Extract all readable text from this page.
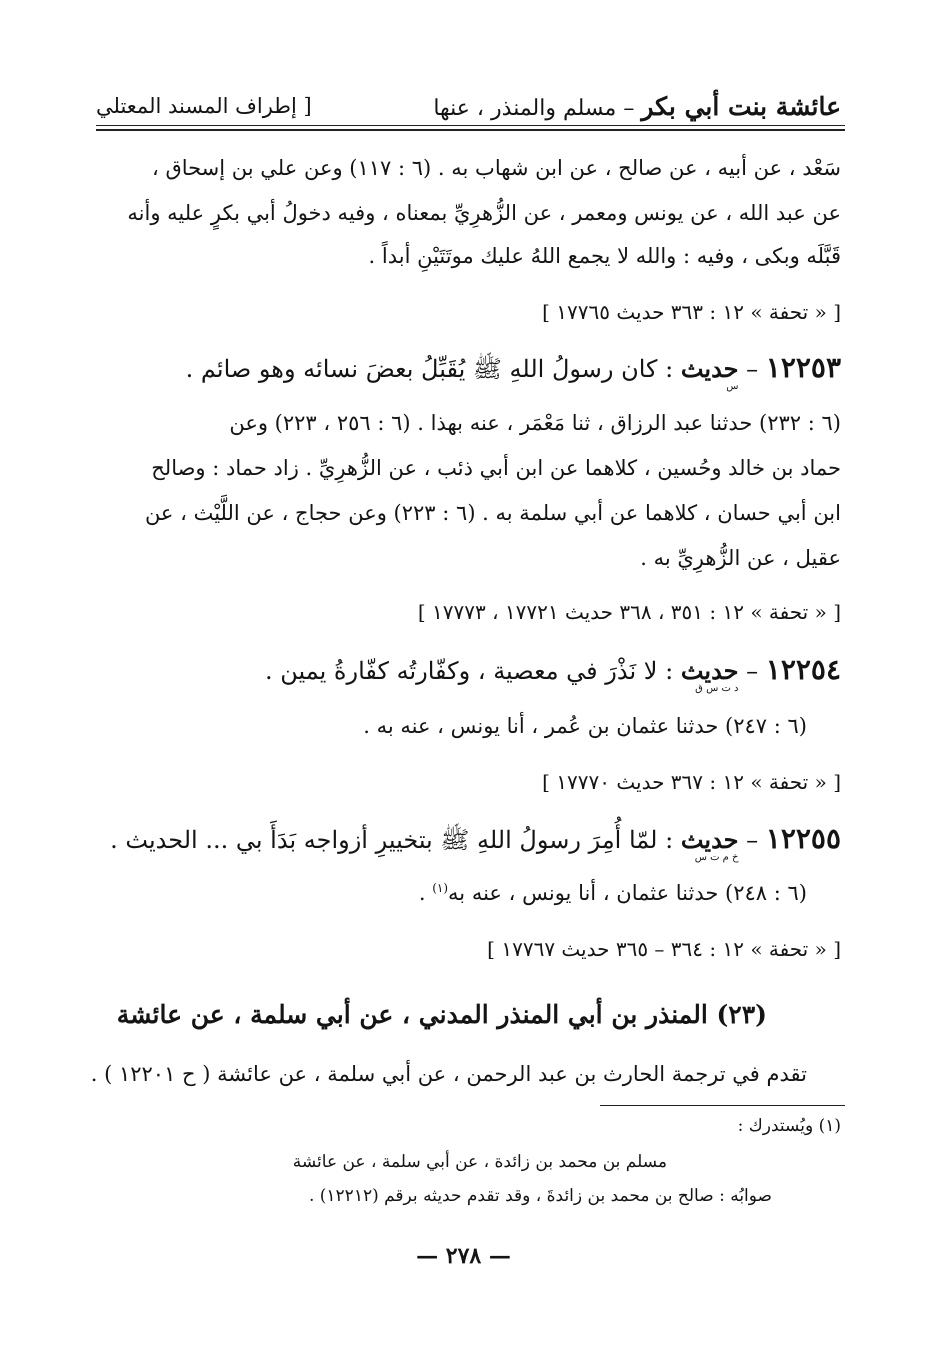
عائشة بنت أبي بكر – مسلم والمنذر ، عنها
[ إطراف المسند المعتلي
سَعْد ، عن أبيه ، عن صالح ، عن ابن شهاب به . (٦ : ١١٧) وعن علي بن إسحاق ،
عن عبد الله ، عن يونس ومعمر ، عن الزُّهرِيِّ بمعناه ، وفيه دخولُ أبي بكرٍ عليه وأنه
قَبَّلَه وبكى ، وفيه : والله لا يجمع اللهُ عليك موتَتَيْنِ أبداً .
[ « تحفة » ١٢ : ٣٦٣ حديث ١٧٧٦٥ ]
١٢٢٥٣ – حديث
س
: كان رسولُ اللهِ ﷺ يُقَبِّلُ بعضَ نسائه وهو صائم .
(٦ : ٢٣٢) حدثنا عبد الرزاق ، ثنا مَعْمَر ، عنه بهذا . (٦ : ٢٥٦ ، ٢٢٣) وعن
حماد بن خالد وحُسين ، كلاهما عن ابن أبي ذئب ، عن الزُّهرِيِّ . زاد حماد : وصالح
ابن أبي حسان ، كلاهما عن أبي سلمة به . (٦ : ٢٢٣) وعن حجاج ، عن اللَّيْث ، عن
عقيل ، عن الزُّهرِيِّ به .
[ « تحفة » ١٢ : ٣٥١ ، ٣٦٨ حديث ١٧٧٢١ ، ١٧٧٧٣ ]
١٢٢٥٤ – حديث
د ت س ق
: لا نَذْرَ في معصية ، وكفّارتُه كفّارةُ يمين .
(٦ : ٢٤٧) حدثنا عثمان بن عُمر ، أنا يونس ، عنه به .
[ « تحفة » ١٢ : ٣٦٧ حديث ١٧٧٧٠ ]
١٢٢٥٥ – حديث
خ م ت س
: لمّا أُمِرَ رسولُ اللهِ ﷺ بتخييرِ أزواجه بَدَأَ بي ... الحديث .
(٦ : ٢٤٨) حدثنا عثمان ، أنا يونس ، عنه به$^{(١)}$ .
[ « تحفة » ١٢ : ٣٦٤ – ٣٦٥ حديث ١٧٧٦٧ ]
(٢٣) المنذر بن أبي المنذر المدني ، عن أبي سلمة ، عن عائشة
تقدم في ترجمة الحارث بن عبد الرحمن ، عن أبي سلمة ، عن عائشة ( ح ١٢٢٠١ ) .
(١) ويُستدرك :
مسلم بن محمد بن زائدة ، عن أبي سلمة ، عن عائشة
صوابُه : صالح بن محمد بن زائدةَ ، وقد تقدم حديثه برقم (١٢٢١٢) .
— ٢٧٨ —
